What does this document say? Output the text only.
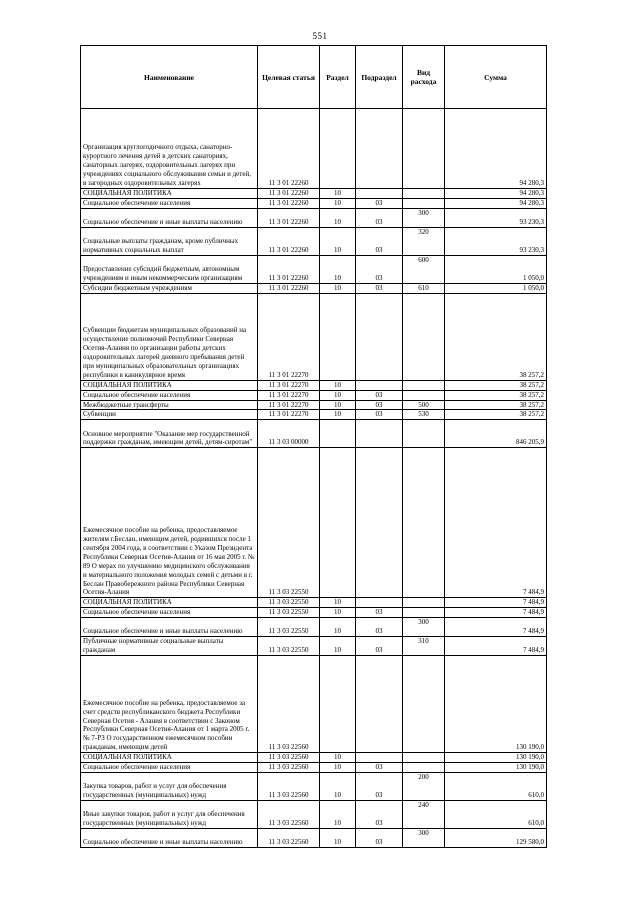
551
Наименование	Целевая статья	Раздел	Подраздел	Вид расхода	Сумма
Организация круглогодичного отдыха, санаторно-курортного лечения детей в детских санаториях, санаторных лагерях, оздоровительных лагерях при учреждениях социального обслуживания семьи и детей, в загородных оздоровительных лагерях	11 3 01 22260				94 280,3
СОЦИАЛЬНАЯ ПОЛИТИКА	11 3 01 22260	10			94 280,3
Социальное обеспечение населения	11 3 01 22260	10	03		94 280,3
Социальное обеспечение и иные выплаты населению	11 3 01 22260	10	03	300	93 230,3
Социальные выплаты гражданам, кроме публичных нормативных социальных выплат	11 3 01 22260	10	03	320	93 230,3
Предоставление субсидий бюджетным, автономным учреждениям и иным некоммерческим организациям	11 3 01 22260	10	03	600	1 050,0
Субсидии бюджетным учреждениям	11 3 01 22260	10	03	610	1 050,0
Субвенции бюджетам муниципальных образований на осуществление полномочий Республики Северная Осетия-Алания по организации работы детских оздоровительных лагерей дневного пребывания детей при муниципальных образовательных организациях республики в каникулярное время	11 3 01 22270				38 257,2
СОЦИАЛЬНАЯ ПОЛИТИКА	11 3 01 22270	10			38 257,2
Социальное обеспечение населения	11 3 01 22270	10	03		38 257,2
Межбюджетные трансферты	11 3 01 22270	10	03	500	38 257,2
Субвенции	11 3 01 22270	10	03	530	38 257,2
Основное мероприятие "Оказание мер государственной поддержки гражданам, имеющим детей, детям-сиротам"	11 3 03 00000				846 205,9
Ежемесячное пособие на ребенка, предоставляемое жителям г.Беслан, имеющим детей, родившихся после 1 сентября 2004 года, в соответствии с Указом Президента Республики Северная Осетия-Алания от 16 мая 2005 г. № 89 О мерах по улучшению медицинского обслуживания и материального положения молодых семей с детьми в г. Беслан Правобережного района Республики Северная Осетия-Алания	11 3 03 22550				7 484,9
СОЦИАЛЬНАЯ ПОЛИТИКА	11 3 03 22550	10			7 484,9
Социальное обеспечение населения	11 3 03 22550	10	03		7 484,9
Социальное обеспечение и иные выплаты населению	11 3 03 22550	10	03	300	7 484,9
Публичные нормативные социальные выплаты гражданам	11 3 03 22550	10	03	310	7 484,9
Ежемесячное пособие на ребенка, предоставляемое за счет средств республиканского бюджета Республики Северная Осетия - Алания в соответствии с Законом Республики Северная Осетия-Алания от 1 марта 2005 г. № 7-РЗ О государственном ежемесячном пособии гражданам, имеющим детей	11 3 03 22560				130 190,0
СОЦИАЛЬНАЯ ПОЛИТИКА	11 3 03 22560	10			130 190,0
Социальное обеспечение населения	11 3 03 22560	10	03		130 190,0
Закупка товаров, работ и услуг для обеспечения государственных (муниципальных) нужд	11 3 03 22560	10	03	200	610,0
Иные закупки товаров, работ и услуг для обеспечения государственных (муниципальных) нужд	11 3 03 22560	10	03	240	610,0
Социальное обеспечение и иные выплаты населению	11 3 03 22560	10	03	300	129 580,0
